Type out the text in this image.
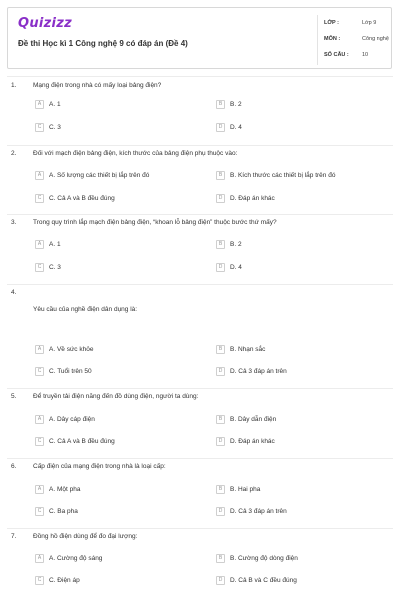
Quizizz
Đề thi Học kì 1 Công nghệ 9 có đáp án (Đề 4)
LỚP :	Lớp 9
MÔN :	Công nghệ
SỐ CÂU :	10
1.	Mạng điện trong nhà có mấy loại bảng điện?
A	A. 1	B	B. 2
C	C. 3	D	D. 4
2.	Đối với mạch điện bảng điện, kích thước của bảng điện phụ thuộc vào:
A	A. Số lượng các thiết bị lắp trên đó	B	B. Kích thước các thiết bị lắp trên đó
C	C. Cả A và B đều đúng	D	D. Đáp án khác
3.	Trong quy trình lắp mạch điện bảng điện, “khoan lỗ bảng điện” thuộc bước thứ mấy?
A	A. 1	B	B. 2
C	C. 3	D	D. 4
4.
Yêu cầu của nghề điện dân dụng là:
A	A. Về sức khỏe	B	B. Nhạn sắc
C	C. Tuổi trên 50	D	D. Cả 3 đáp án trên
5.	Để truyền tải điện năng đến đồ dùng điện, người ta dùng:
A	A. Dây cáp điện	B	B. Dây dẫn điện
C	C. Cả A và B đều đúng	D	D. Đáp án khác
6.	Cấp điện của mạng điện trong nhà là loại cấp:
A	A. Một pha	B	B. Hai pha
C	C. Ba pha	D	D. Cả 3 đáp án trên
7.	Đồng hồ điện dùng để đo đại lượng:
A	A. Cường độ sáng	B	B. Cường độ dòng điện
C	C. Điện áp	D	D. Cả B và C đều đúng
